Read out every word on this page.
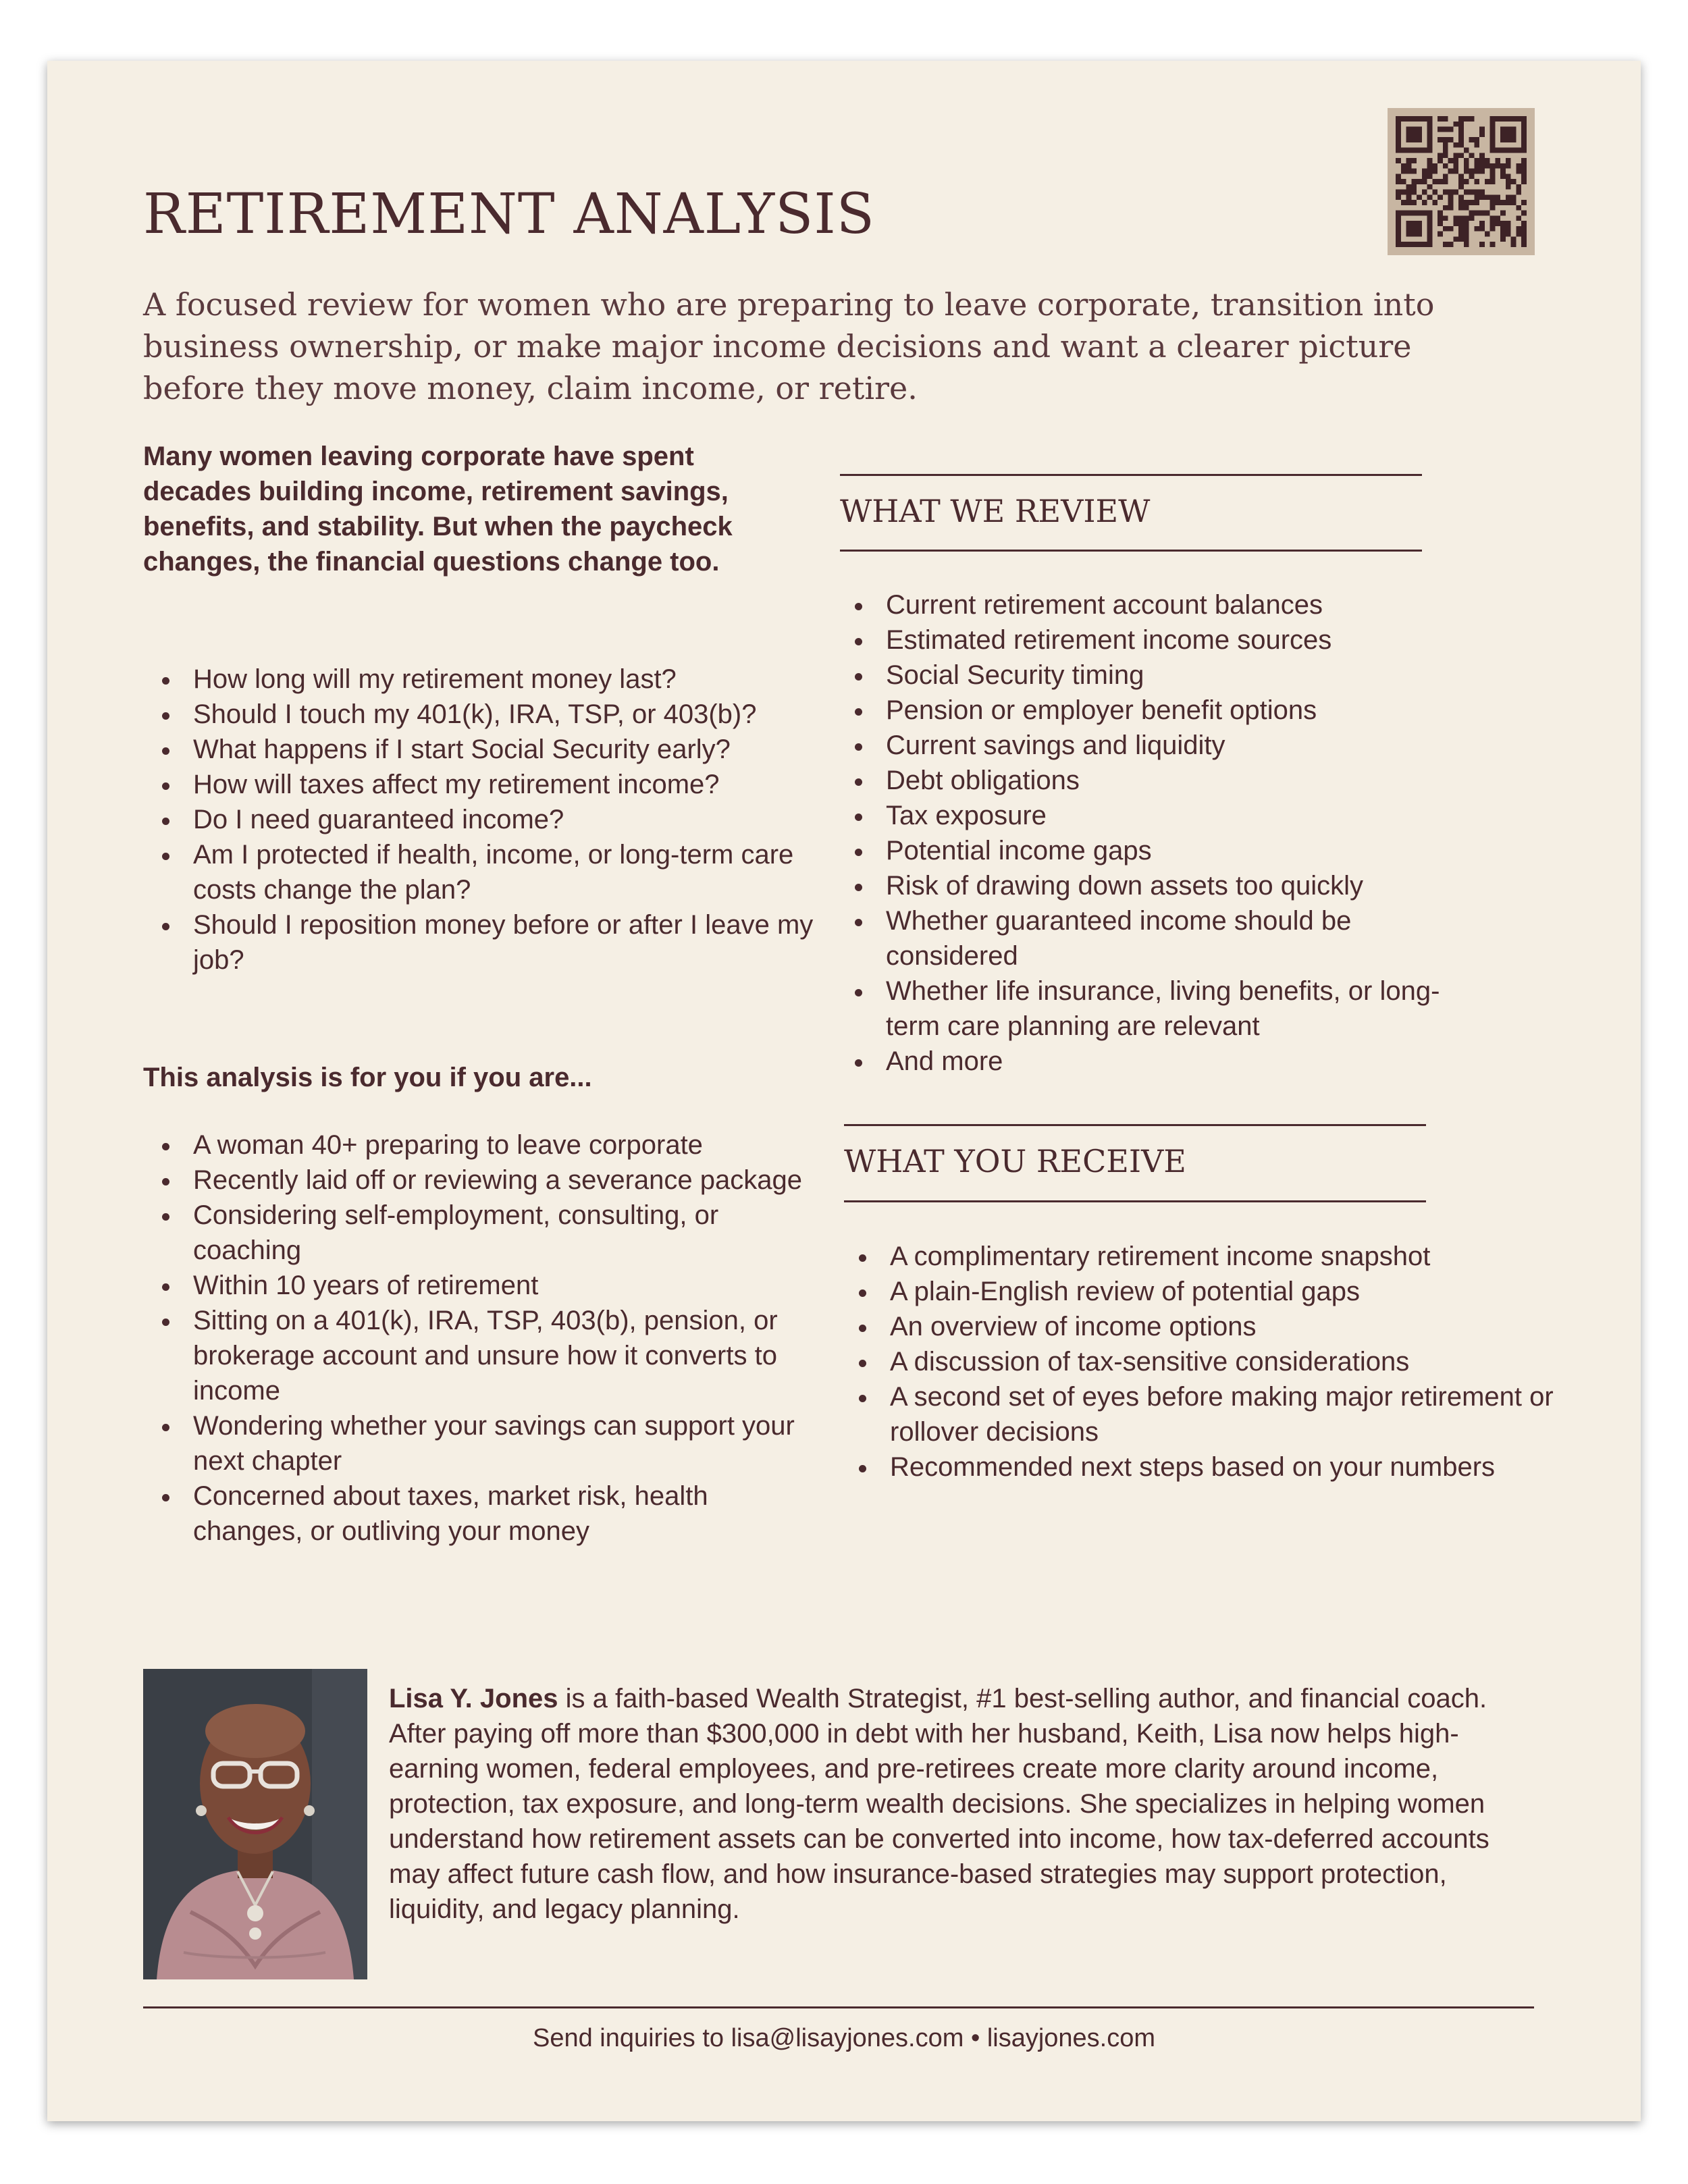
RETIREMENT ANALYSIS

A focused review for women who are preparing to leave corporate, transition into business ownership, or make major income decisions and want a clearer picture before they move money, claim income, or retire.

Many women leaving corporate have spent decades building income, retirement savings, benefits, and stability. But when the paycheck changes, the financial questions change too.

How long will my retirement money last?
Should I touch my 401(k), IRA, TSP, or 403(b)?
What happens if I start Social Security early?
How will taxes affect my retirement income?
Do I need guaranteed income?
Am I protected if health, income, or long-term care costs change the plan?
Should I reposition money before or after I leave my job?

This analysis is for you if you are...

A woman 40+ preparing to leave corporate
Recently laid off or reviewing a severance package
Considering self-employment, consulting, or coaching
Within 10 years of retirement
Sitting on a 401(k), IRA, TSP, 403(b), pension, or brokerage account and unsure how it converts to income
Wondering whether your savings can support your next chapter
Concerned about taxes, market risk, health changes, or outliving your money
WHAT WE REVIEW
Current retirement account balances
Estimated retirement income sources
Social Security timing
Pension or employer benefit options
Current savings and liquidity
Debt obligations
Tax exposure
Potential income gaps
Risk of drawing down assets too quickly
Whether guaranteed income should be considered
Whether life insurance, living benefits, or long-term care planning are relevant
And more
WHAT YOU RECEIVE
A complimentary retirement income snapshot
A plain-English review of potential gaps
An overview of income options
A discussion of tax-sensitive considerations
A second set of eyes before making major retirement or rollover decisions
Recommended next steps based on your numbers

Lisa Y. Jones is a faith-based Wealth Strategist, #1 best-selling author, and financial coach. After paying off more than $300,000 in debt with her husband, Keith, Lisa now helps high-earning women, federal employees, and pre-retirees create more clarity around income, protection, tax exposure, and long-term wealth decisions. She specializes in helping women understand how retirement assets can be converted into income, how tax-deferred accounts may affect future cash flow, and how insurance-based strategies may support protection, liquidity, and legacy planning.

Send inquiries to lisa@lisayjones.com • lisayjones.com
